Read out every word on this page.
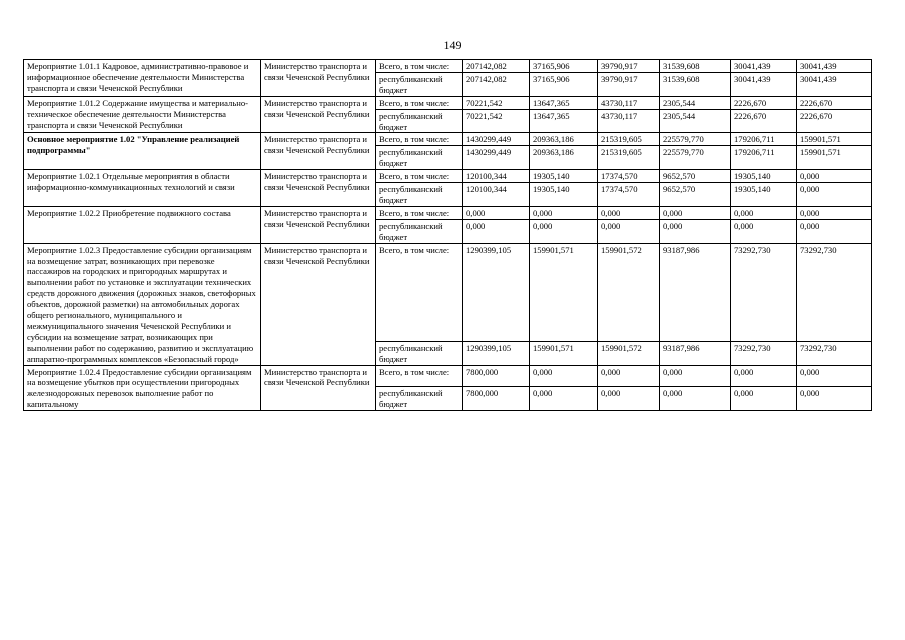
149
Мероприятие 1.01.1 Кадровое, административно-правовое и информационное обеспечение деятельности Министерства транспорта и связи Чеченской Республики	Министерство транспорта и связи Чеченской Республики	Всего, в том числе:	207142,082	37165,906	39790,917	31539,608	30041,439	30041,439
		республиканский бюджет	207142,082	37165,906	39790,917	31539,608	30041,439	30041,439
Мероприятие 1.01.2 Содержание имущества и материально-техническое обеспечение деятельности Министерства транспорта и связи Чеченской Республики	Министерство транспорта и связи Чеченской Республики	Всего, в том числе:	70221,542	13647,365	43730,117	2305,544	2226,670	2226,670
		республиканский бюджет	70221,542	13647,365	43730,117	2305,544	2226,670	2226,670
Основное мероприятие 1.02 "Управление реализацией подпрограммы"	Министерство транспорта и связи Чеченской Республики	Всего, в том числе:	1430299,449	209363,186	215319,605	225579,770	179206,711	159901,571
		республиканский бюджет	1430299,449	209363,186	215319,605	225579,770	179206,711	159901,571
Мероприятие 1.02.1 Отдельные мероприятия в области информационно-коммуникационных технологий и связи	Министерство транспорта и связи Чеченской Республики	Всего, в том числе:	120100,344	19305,140	17374,570	9652,570	19305,140	0,000
		республиканский бюджет	120100,344	19305,140	17374,570	9652,570	19305,140	0,000
Мероприятие 1.02.2 Приобретение подвижного состава	Министерство транспорта и связи Чеченской Республики	Всего, в том числе:	0,000	0,000	0,000	0,000	0,000	0,000
		республиканский бюджет	0,000	0,000	0,000	0,000	0,000	0,000
Мероприятие 1.02.3 Предоставление субсидии организациям на возмещение затрат, возникающих при перевозке пассажиров на городских и пригородных маршрутах и выполнении работ по установке и эксплуатации технических средств дорожного движения (дорожных знаков, светофорных объектов, дорожной разметки) на автомобильных дорогах общего регионального, муниципального и межмуниципального значения Чеченской Республики и субсидии на возмещение затрат, возникающих при выполнении работ по содержанию, развитию и эксплуатацию аппаратно-программных комплексов «Безопасный город»	Министерство транспорта и связи Чеченской Республики	Всего, в том числе:	1290399,105	159901,571	159901,572	93187,986	73292,730	73292,730
		республиканский бюджет	1290399,105	159901,571	159901,572	93187,986	73292,730	73292,730
Мероприятие 1.02.4 Предоставление субсидии организациям на возмещение убытков при осуществлении пригородных железнодорожных перевозок выполнение работ по капитальному	Министерство транспорта и связи Чеченской Республики	Всего, в том числе:	7800,000	0,000	0,000	0,000	0,000	0,000
		республиканский бюджет	7800,000	0,000	0,000	0,000	0,000	0,000
